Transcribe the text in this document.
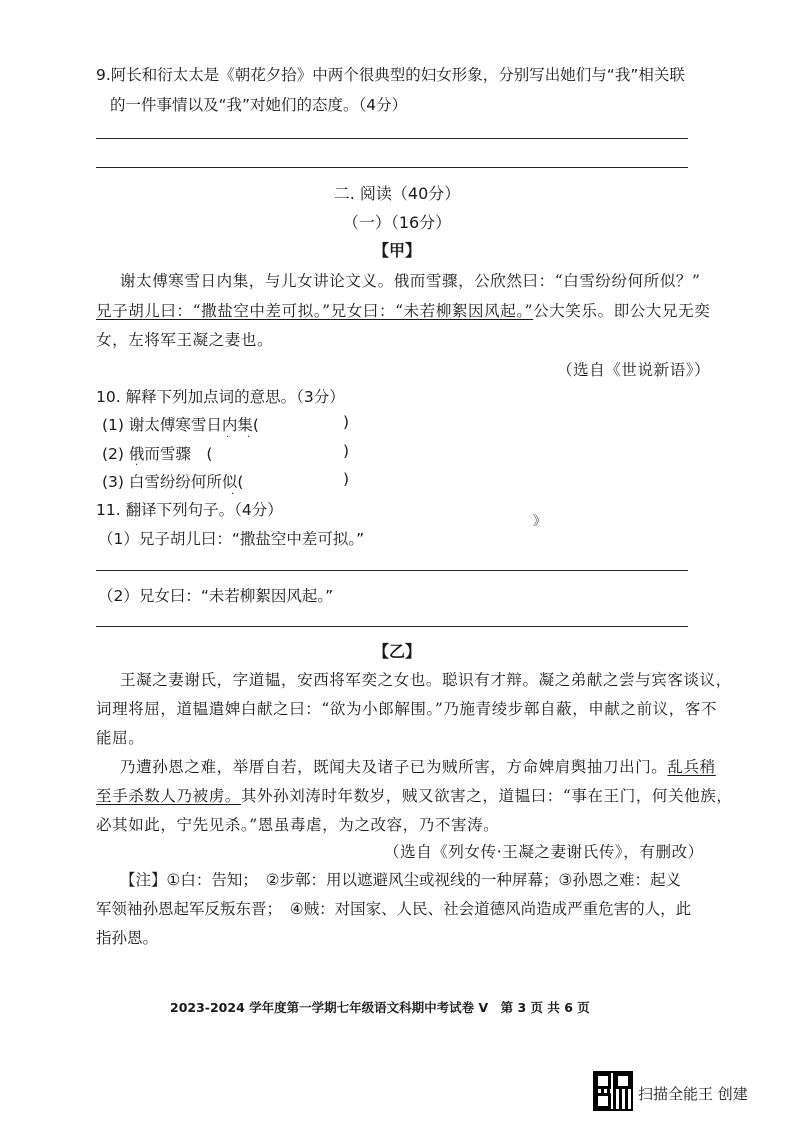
9.阿长和衍太太是《朝花夕拾》中两个很典型的妇女形象，分别写出她们与“我”相关联
的一件事情以及“我”对她们的态度。（4分）
二. 阅读（40分）
（一）（16分）
【甲】
谢太傅寒雪日内集，与儿女讲论文义。俄而雪骤，公欣然曰：“白雪纷纷何所似？”
兄子胡儿曰：“撒盐空中差可拟。”兄女曰：“未若柳絮因风起。”公大笑乐。即公大兄无奕
女，左将军王凝之妻也。
（选自《世说新语》）
10. 解释下列加点词的意思。（3分）
(1) 谢太傅寒雪日内集(	)
(2) 俄而雪骤　(	)
(3) 白雪纷纷何所似(	)
11. 翻译下列句子。（4分）
（1）兄子胡儿曰：“撒盐空中差可拟。”
》
（2）兄女曰：“未若柳絮因风起。”
【乙】
王凝之妻谢氏，字道韫，安西将军奕之女也。聪识有才辩。凝之弟献之尝与宾客谈议，
词理将屈，道韫遣婢白献之曰：“欲为小郎解围。”乃施青绫步鄣自蔽，申献之前议，客不
能屈。
乃遭孙恩之难，举厝自若，既闻夫及诸子已为贼所害，方命婢肩舆抽刀出门。乱兵稍
至手杀数人乃被虏。其外孙刘涛时年数岁，贼又欲害之，道韫曰：“事在王门，何关他族，
必其如此，宁先见杀。”恩虽毒虐，为之改容，乃不害涛。
（选自《列女传·王凝之妻谢氏传》，有删改）
【注】①白：告知；　②步鄣：用以遮避风尘或视线的一种屏幕；③孙恩之难：起义
军领袖孙恩起军反叛东晋；　④贼：对国家、人民、社会道德风尚造成严重危害的人，此
指孙恩。
2023-2024 学年度第一学期七年级语文科期中考试卷 V　第 3 页 共 6 页
扫描全能王 创建
· ·
·
·
